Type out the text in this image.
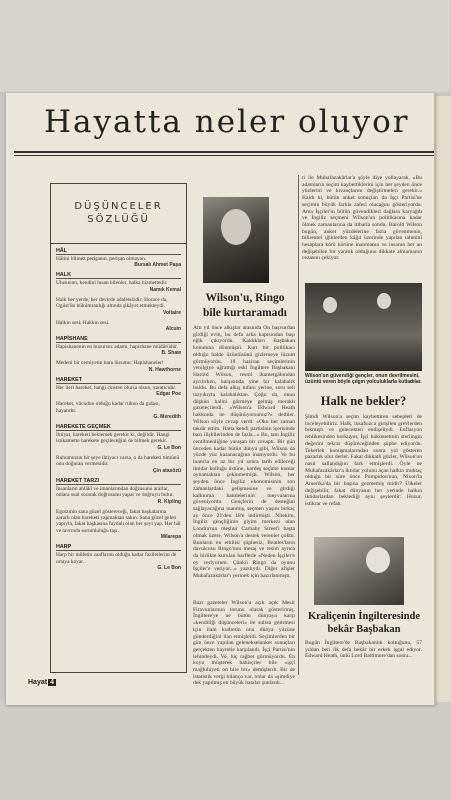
Hayatta neler oluyor
DÜŞÜNCELER
SÖZLÜĞÜ
HÂL
Hâlini bilmez perişanın, perişan olmayan.
Bursalı Ahmet Paşa
HALK
Ulusunun, kendini insan bilenler, halka hizmettedir.
Namık Kemal
Halk her yerde, her devirde adaletsizdir: Horace da, Ogüst'ün hükümranlığı altında şikâyet etmekteydi.
Voltaire
Halkın sesi, Hakkın sesi.
Alcuin
HAPİSHANE
Hapishanenin en huzursuz adamı, hapishane müdürüdür.
B. Shaw
Medeni bir cemiyetin bara lüzumu: Hapishaneler!
N. Hawthorne
HAREKET
Her ileri hareket, hangi cinsten olursa olsun, yaratıcıdır.
Edgar Poe
Hareket, vücudun olduğu kadar ruhun da gıdası, hayatıdır.
G. Meredith
HAREKETE GEÇMEK
İhtiyat, hareketi beklemek gerekir ki, değildir. Hangi istikamette harekete geçileceğini de bilmek gerekir.
G. Le Bon
Ruhumuzun bir şeye ihtiyacı varsa, o da hareketi tümünü onu doğuran vermesidir.
Çin atasözü
HAREKET TARZI
İnsanların ahlâkî ve imanlarından doğrusunu ararlar, onlara sual sorarak doğrusunu yapar ve doğruyu bulur.
R. Kipling
Egoizmin sana güzel göstereceği, fakat başkalarına zararlı olan hareketi yapmaktan sakın. Sana güzel gelen yapıyla, fakat başkasına faydalı olan her şeyi yap. Her hâl ve tavrında sorumluluğu taşı.
Milarepa
HARP
Harp bir milletin zaaflarını olduğu kadar faziletlerini de ortaya koyar.
G. Le Bon
Wilson'u, Ringo
bile kurtaramadı
Altı yıl önce alkışlar arasında On başvurdan girdiği evin, bu defa arka kapısından başı eğik çıkıyordu. Kaldıkları Başbakan konutuna dönmüştü. Kurt bir politikacı olduğu halde üzüntüsünü gizlemeye lüzum görmüyordu. 18 haziran seçimlerinin yenilgiye uğrattığı eski İngiltere Başbakanı Harold Wilson, resmî ikametgâhından ayrılırken, karşısında yine bir kalabalık buldu. Bu defa alkış tufanı yerine, soru seli tazyıkıyla kalabalıktan. Çoğu da, onun düşkün halini görmeye gelmiş meraklı gazetecilerdi. «Wilson'a Edward Heath hakkında ne düşünüyorsunuz?» dediler. Wilson söyle cevap verdi: «Oku her zaman takdir ettim. Hatta kendi partisinin içerisinde bazı ilişkilerinden de fazla...» Bu, tam İngiliz centilmenliğine yaraşan bir cevaptı. Bir gün önceden kadar bütün dünya gibi, Wilson da yüzde yüz kazanacağına inanıyordu. Ve bu inancla en az bir yıl sonra tarih edileceği iktidar kolluğu üstüne, kardeş seçime kumar oynamaktan çekinmemişti. Wilson, her şeyden önce İngiliz ekonomisinin son zamanlardaki gelişmesine ve girdiği kalkınma hamlelerinin meyvalarına güveniyordu. Gençlerin de desteğini sağlayacağına inanmış, seçmen yaşını birkaç ay önce 21'den 18'e indirmişti. Nitekim, İngiliz gençliğinin giyim merkezi olan Londra'nın meşhur Carnaby Street'i başta olmak üzere, Wilson'a destek verenler çoktu. Bunların en etkilisi şüphesiz, Beatles'ların davulcusu Ringo'nun mesaj ve resim ayrıca da birlikte kurulan harflerle «Neden İşçiler'e oy veriyorum. Çünkü Ringo da oyunu İşçiler'e veriyor...» yazılıydı. Diğer afişler Muhafazakârlar'ı yermek için hazırlanmıştı.
Bazı gazeteler Wilson'u açık açık Mesir Firavunlarının torunu olarak gösterirmiş. İngiltere'ye ne bütün dünyaya karşı «kendiliği düşünceleri» ile sultan getirmesi için ilahi kudretin onu dünya yüzüne gönderdiğini ilan etmişlerdi. Seçimlerden bir gün önce yapılan gelenekselanket sonuçları gerçekten hayretle karşılandı. İşçi Partisi'nin lehindeydi. Ve, hiç rağbet görmüyordu. En koyu müşterek bahisçiler bile «işçi mağlubiyeti on bire bir» demişlerdi. Bir de istatistik vergi bilanço var, onlar da «şimdiye dek yapılmış en büyük hatalar şunlardı...
ri ile Muhafazakârlar'a şöyle diye yollayarak, «Bu adamların seçim kaybettiklerini için her şeyden önce yüzlerini ve kıvançlarını değiştirmeleri gerekir.» Kaldı ki, bütün anket sonuçları da İşçi Partisi'ne seçimin büyük farkla zaferi olacağını gösteriyordu. Ama İşçiler'in bütün güvendikleri dağlara karyağdı ve İngiliz seçmeni Wilson'un politikasına kadar ölmek zamanlarına da itibarla sondu. Harold Wilson bugün, anket yüzdelerine fazla güvenmenin, biliremel ığiklerden kâğıt üzerinde yapılan tahminî hesaplara körü körüne inanmanın ve insanın her an değişebilen bir yaratık olduğunu dikkate almamanın cezasını çekiyor.
Wilson'un güvendiği gençler, onun devrilmesini, üzüntü veren böyle çılgın yolculuklarla kutladılar.
Halk ne bekler?
Şimdi Wilson'a seçim kaybettiren sebepleri de inceleyebiliriz. Halk, insafsızca girişilen grevlerden bıkmıştı ve gelecekten endişeliydi. Enflasyon tehlikesinden korkuyor, İşçi hükümetinin sterlingin değerini tekrar düşüreceğinden şüphe ediyordu. Tekerlek konuşmalarından sonra yol gösteren pazarlık olur derler. Fakat dikkatli gözler, Wilson'un nasıl sallandığını fark etmişlerdi. Öyle ne Muhafazakârlar'a iktidar yolunu açan halkın muhtaç olduğu bir süre önce Pompidou'nun, Nixon'la Amerika'da bir başına gezmemiş midir? Ülkeler değişebilir, fakat dünyanın her yerinde halkın iktidarlardan beklediği aynı şeylerdir: Huzur, istikrar ve refah.
Kraliçenin İngilteresinde
bekâr Başbakan
Bugün İngiltere'de Başbakanlık koltuğunu, 57 yıldan beri ilk defa bekâr bir erkek işgal ediyor. Edward Heath, ünlü Lord Baltimore'dan sonra...
Hayat 4
